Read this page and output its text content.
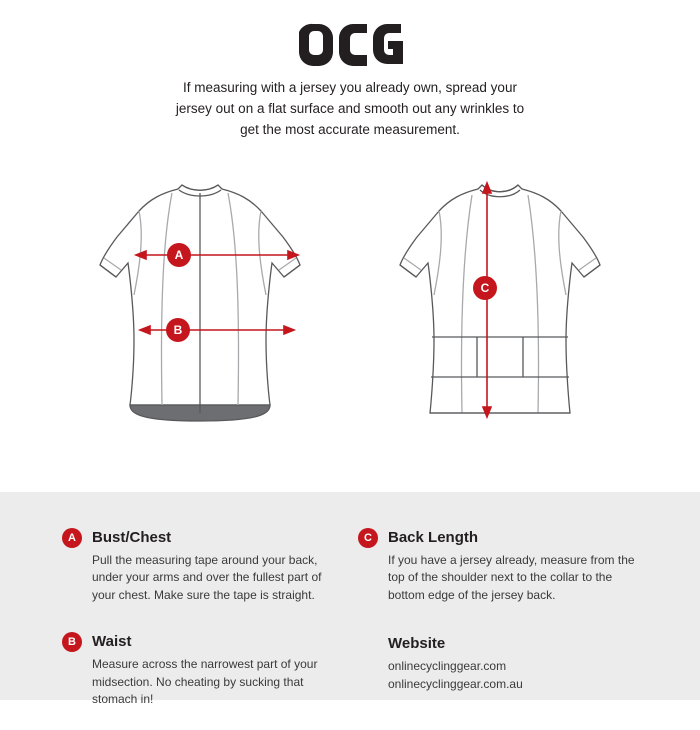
If measuring with a jersey you already own, spread your jersey out on a flat surface and smooth out any wrinkles to get the most accurate measurement.
A
B
C
A	Bust/Chest
Pull the measuring tape around your back, under your arms and over the fullest part of your chest. Make sure the tape is straight.
B	Waist
Measure across the narrowest part of your midsection. No cheating by sucking that stomach in!
C	Back Length
If you have a jersey already, measure from the top of the shoulder next to the collar to the bottom edge of the jersey back.
Website
onlinecyclinggear.com
onlinecyclinggear.com.au
